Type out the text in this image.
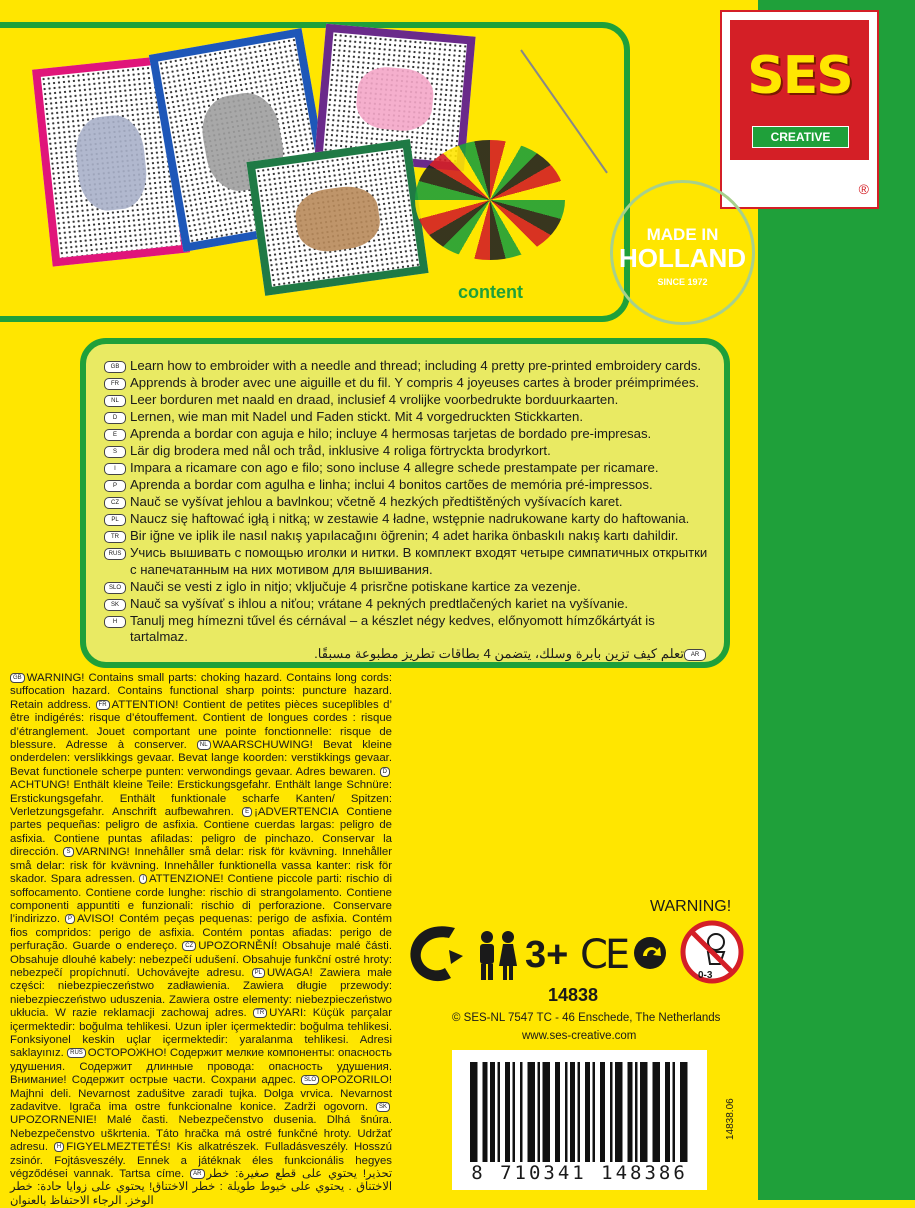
content
SES
CREATIVE
®
MADE IN
HOLLAND
SINCE 1972
GB Learn how to embroider with a needle and thread; including 4 pretty pre-printed embroidery cards.
FR Apprends à broder avec une aiguille et du fil. Y compris 4 joyeuses cartes à broder préimprimées.
NL Leer borduren met naald en draad, inclusief 4 vrolijke voorbedrukte borduurkaarten.
D Lernen, wie man mit Nadel und Faden stickt. Mit 4 vorgedruckten Stickkarten.
E Aprenda a bordar con aguja e hilo; incluye 4 hermosas tarjetas de bordado pre-impresas.
S Lär dig brodera med nål och tråd, inklusive 4 roliga förtryckta brodyrkort.
I	Impara a ricamare con ago e filo; sono incluse 4 allegre schede prestampate per ricamare.
P Aprenda a bordar com agulha e linha; inclui 4 bonitos cartões de memória pré-impressos.
CZ Nauč se vyšívat jehlou a bavlnkou; včetně 4 hezkých předtištěných vyšívacích karet.
PL Naucz się haftować igłą i nitką; w zestawie 4 ładne, wstępnie nadrukowane karty do haftowania.
TR Bir iğne ve iplik ile nasıl nakış yapılacağını öğrenin; 4 adet harika önbaskılı nakış kartı dahildir.
RUS Учись вышивать с помощью иголки и нитки. В комплект входят четыре симпатичных открытки с напечатанным на них мотивом для вышивания.
SLO Nauči se vesti z iglo in nitjo; vključuje 4 prisrčne potiskane kartice za vezenje.
SK Nauč sa vyšívať s ihlou a niťou; vrátane 4 pekných predtlačených kariet na vyšívanie.
H Tanulj meg hímezni tűvel és cérnával – a készlet négy kedves, előnyomott hímzőkártyát is tartalmaz.
AR
تعلم كيف تزين بابرة وسلك، يتضمن 4 بطاقات تطريز مطبوعة مسبقًا.
GB WARNING! Contains small parts: choking hazard. Contains long cords: suffocation hazard. Contains functional sharp points: puncture hazard. Retain address. FR ATTENTION! Contient de petites pièces suceplibles d’ être indigérés: risque d’étouffement. Contient de longues cordes : risque d’étranglement. Jouet comportant une pointe fonctionnelle: risque de blessure. Adresse à conserver. NL WAARSCHUWING! Bevat kleine onderdelen: verslikkings gevaar. Bevat lange koorden: verstikkings gevaar. Bevat functionele scherpe punten: verwondings gevaar. Adres bewaren. DACHTUNG! Enthält kleine Teile: Erstickungsgefahr. Enthält lange Schnüre: Erstickungsgefahr. Enthält funktionale scharfe Kanten/ Spitzen: Verletzungsgefahr. Anschrift aufbewahren. E ¡ADVERTENCIA Contiene partes pequeñas: peligro de asfixia. Contiene cuerdas largas: peligro de asfixia. Contiene puntas afiladas: peligro de pinchazo. Conservar la dirección. S VARNING! Innehåller små delar: risk för kvävning. Innehåller små delar: risk för kvävning. Innehåller funktionella vassa kanter: risk för skador. Spara adressen. I ATTENZIONE! Contiene piccole parti: rischio di soffocamento. Contiene corde lunghe: rischio di strangolamento. Contiene componenti appuntiti e funzionali: rischio di perforazione. Conservare l’indirizzo. P AVISO! Contém peças pequenas: perigo de asfixia. Contém fios compridos: perigo de asfixia. Contém pontas afiadas: perigo de perfuração. Guarde o endereço. CZ UPOZORNĚNÍ! Obsahuje malé části. Obsahuje dlouhé kabely: nebezpečí udušení. Obsahuje funkční ostré hroty: nebezpečí propíchnutí. Uchovávejte adresu. PL UWAGA! Zawiera małe części: niebezpieczeństwo zadławienia. Zawiera długie przewody: niebezpieczeństwo uduszenia. Zawiera ostre elementy: niebezpieczeństwo ukłucia. W razie reklamacji zachowaj adres. TR UYARI: Küçük parçalar içermektedir: boğulma tehlikesi. Uzun ipler içermektedir: boğulma tehlikesi. Fonksiyonel keskin uçlar içermektedir: yaralanma tehlikesi. Adresi saklayınız. RUS ОСТОРОЖНО! Содержит мелкие компоненты: опасность удушения. Содержит длинные провода: опасность удушения. Внимание! Содержит острые части. Сохрани адрес. SLO OPOZORILO! Majhni deli. Nevarnost zadušitve zaradi tujka. Dolga vrvica. Nevarnost zadavitve. Igrača ima ostre funkcionalne konice. Zadrži ogovorn. SKUPOZORNENIE! Malé časti. Nebezpečenstvo dusenia. Dlhá šnúra. Nebezpečenstvo uškrtenia. Táto hračka má ostré funkčné hroty. Udržať adresu. H FIGYELMEZTETÉS! Kis alkatrészek. Fulladásveszély. Hosszú zsinór. Fojtásveszély. Ennek a játéknak éles funkcionális hegyes végződései vannak. Tartsa címe. AR تحذير! يحتوي على قطع صغيرة: خطر الاختناق . يحتوي على خيوط طويلة : خطر الاختناق! يحتوي على زوايا حادة: خطر الوخز. الرجاء الاحتفاظ بالعنوان
WARNING!
3+ CE	0-3
14838
© SES-NL 7547 TC - 46 Enschede, The Netherlands
www.ses-creative.com
8 710341 148386
14838.06
